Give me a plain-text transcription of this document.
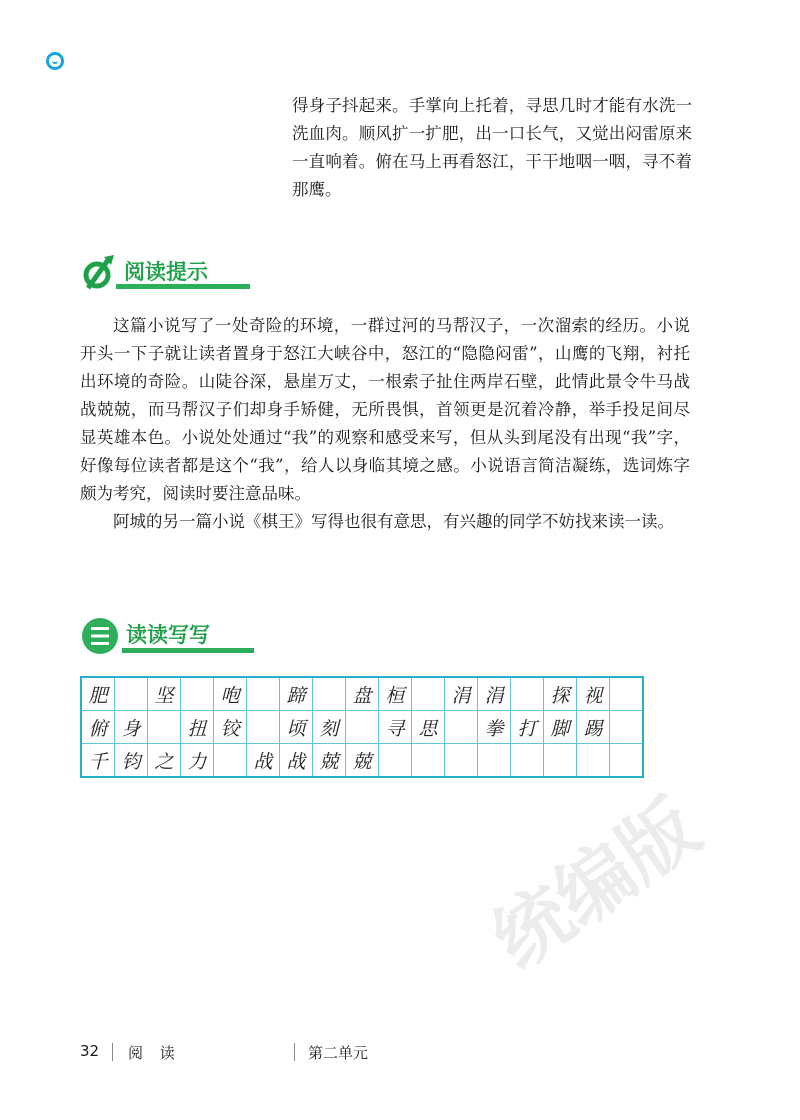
得身子抖起来。手掌向上托着，寻思几时才能有水洗一洗血肉。顺风扩一扩肥，出一口长气，又觉出闷雷原来一直响着。俯在马上再看怒江，干干地咽一咽，寻不着那鹰。

阅读提示

这篇小说写了一处奇险的环境，一群过河的马帮汉子，一次溜索的经历。小说开头一下子就让读者置身于怒江大峡谷中，怒江的“隐隐闷雷”，山鹰的飞翔，衬托出环境的奇险。山陡谷深，悬崖万丈，一根索子扯住两岸石壁，此情此景令牛马战战兢兢，而马帮汉子们却身手矫健，无所畏惧，首领更是沉着冷静，举手投足间尽显英雄本色。小说处处通过“我”的观察和感受来写，但从头到尾没有出现“我”字，好像每位读者都是这个“我”，给人以身临其境之感。小说语言简洁凝练，选词炼字颇为考究，阅读时要注意品味。

阿城的另一篇小说《棋王》写得也很有意思，有兴趣的同学不妨找来读一读。

读读写写
肥		坚		咆		蹄		盘	桓		涓	涓		探	视	
俯	身		扭	铰		顷	刻		寻	思		拳	打	脚	踢	
千	钧	之	力		战	战	兢	兢								
32 阅 读	第二单元
统编版
